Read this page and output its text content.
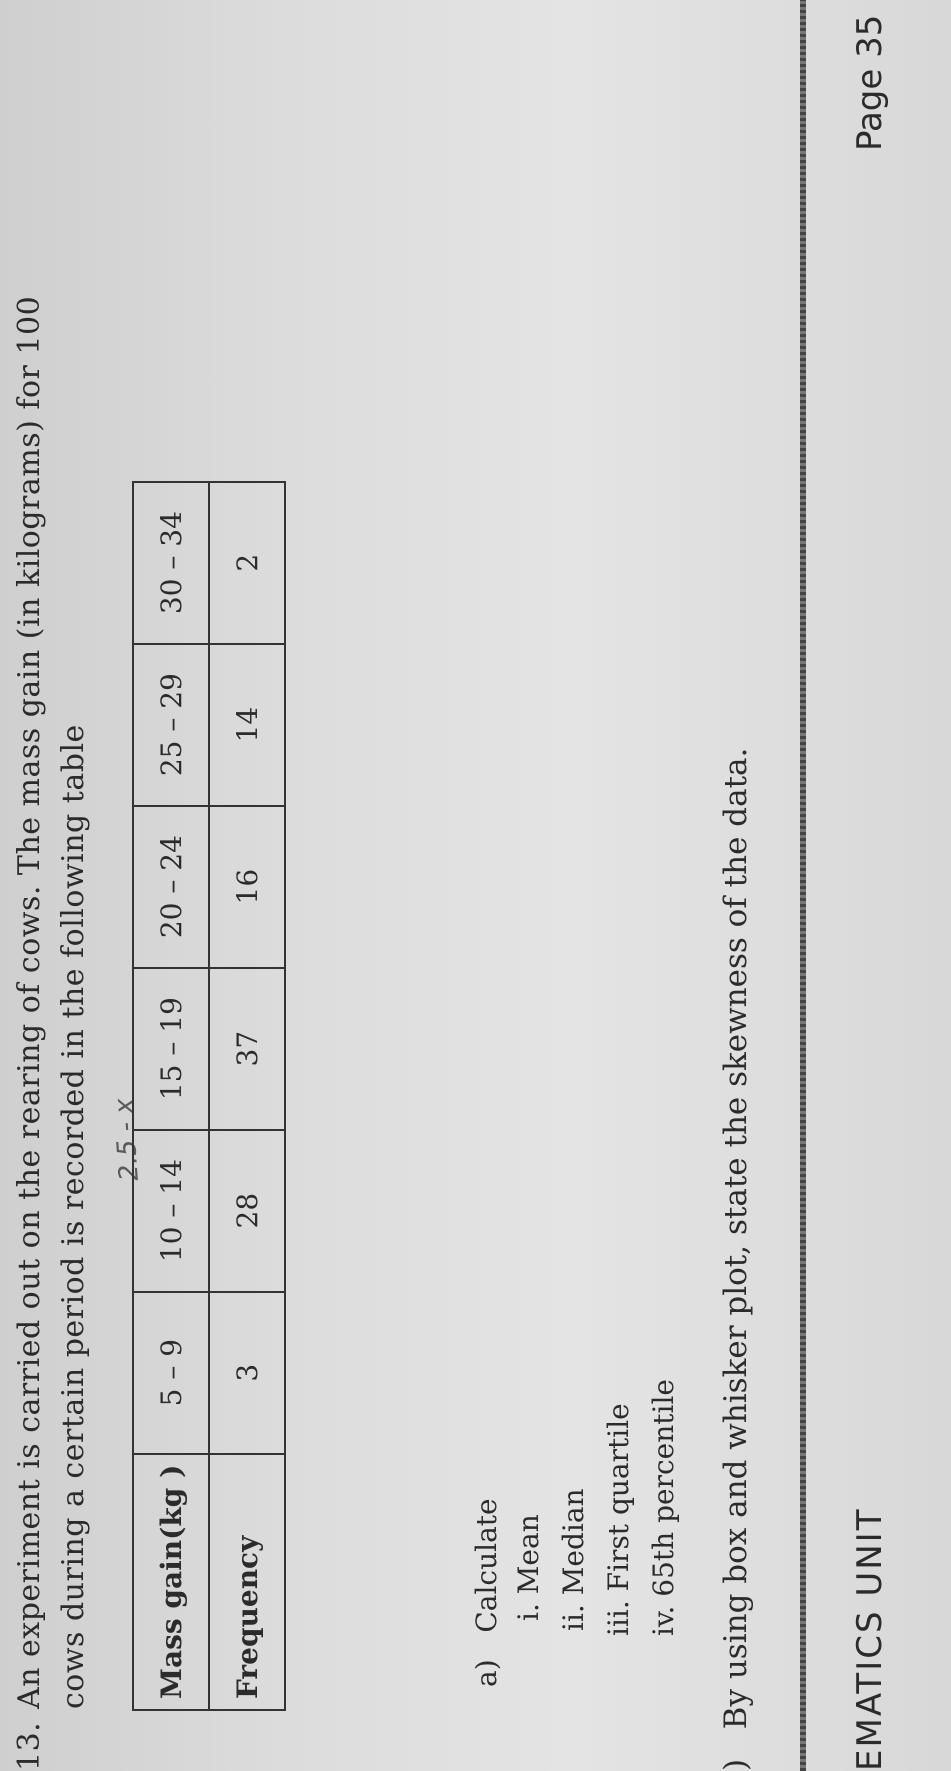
13.
An experiment is carried out on the rearing of cows. The mass gain (in kilograms) for 100 cows during a certain period is recorded in the following table 2.5 - x
Mass gain(kg )	5 – 9	10 – 14	15 – 19	20 – 24	25 – 29	30 – 34
Frequency	3	28	37	16	14	2
a)   Calculate i. Mean
ii. Median
iii. First quartile
iv. 65th percentile
)   By using box and whisker plot, state the skewness of the data.	EMATICS UNIT
Page 35
